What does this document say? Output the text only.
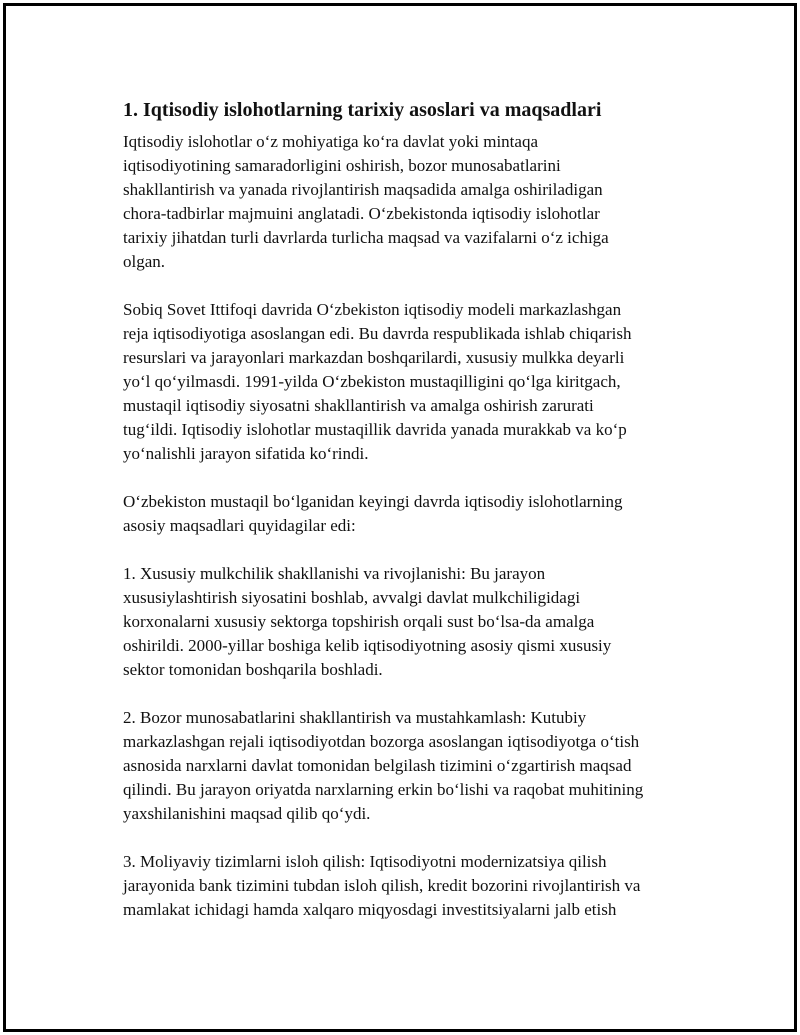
1. Iqtisodiy islohotlarning tarixiy asoslari va maqsadlari

Iqtisodiy islohotlar o‘z mohiyatiga ko‘ra davlat yoki mintaqa
iqtisodiyotining samaradorligini oshirish, bozor munosabatlarini
shakllantirish va yanada rivojlantirish maqsadida amalga oshiriladigan
chora-tadbirlar majmuini anglatadi. O‘zbekistonda iqtisodiy islohotlar
tarixiy jihatdan turli davrlarda turlicha maqsad va vazifalarni o‘z ichiga
olgan.

Sobiq Sovet Ittifoqi davrida O‘zbekiston iqtisodiy modeli markazlashgan
reja iqtisodiyotiga asoslangan edi. Bu davrda respublikada ishlab chiqarish
resurslari va jarayonlari markazdan boshqarilardi, xususiy mulkka deyarli
yo‘l qo‘yilmasdi. 1991-yilda O‘zbekiston mustaqilligini qo‘lga kiritgach,
mustaqil iqtisodiy siyosatni shakllantirish va amalga oshirish zarurati
tug‘ildi. Iqtisodiy islohotlar mustaqillik davrida yanada murakkab va ko‘p
yo‘nalishli jarayon sifatida ko‘rindi.

O‘zbekiston mustaqil bo‘lganidan keyingi davrda iqtisodiy islohotlarning
asosiy maqsadlari quyidagilar edi:

1. Xususiy mulkchilik shakllanishi va rivojlanishi: Bu jarayon
xususiylashtirish siyosatini boshlab, avvalgi davlat mulkchiligidagi
korxonalarni xususiy sektorga topshirish orqali sust bo‘lsa-da amalga
oshirildi. 2000-yillar boshiga kelib iqtisodiyotning asosiy qismi xususiy
sektor tomonidan boshqarila boshladi.

2. Bozor munosabatlarini shakllantirish va mustahkamlash: Kutubiy
markazlashgan rejali iqtisodiyotdan bozorga asoslangan iqtisodiyotga o‘tish
asnosida narxlarni davlat tomonidan belgilash tizimini o‘zgartirish maqsad
qilindi. Bu jarayon oriyatda narxlarning erkin bo‘lishi va raqobat muhitining
yaxshilanishini maqsad qilib qo‘ydi.

3. Moliyaviy tizimlarni isloh qilish: Iqtisodiyotni modernizatsiya qilish
jarayonida bank tizimini tubdan isloh qilish, kredit bozorini rivojlantirish va
mamlakat ichidagi hamda xalqaro miqyosdagi investitsiyalarni jalb etish
